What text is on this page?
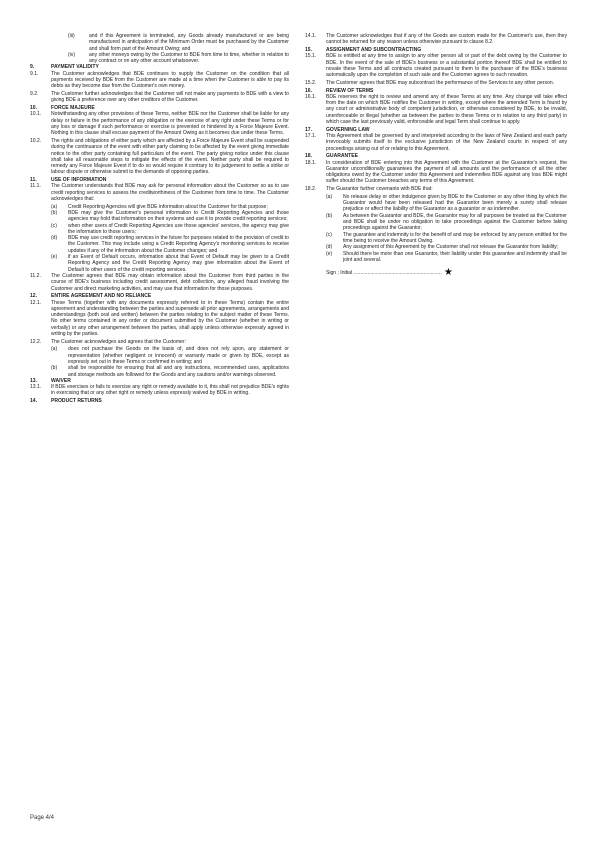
(iii)	and if this Agreement is terminated, any Goods already manufactured or are being manufactured in anticipation of the Minimum Order must be purchased by the Customer and shall form part of the Amount Owing; and
(iv)	any other moneys owing by the Customer to BDE from time to time, whether in relation to any contract or on any other account whatsoever.
9.	PAYMENT VALIDITY
9.1.	The Customer acknowledges that BDE continues to supply the Customer on the condition that all payments received by BDE from the Customer are made at a time when the Customer is able to pay its debts as they become due from the Customer's own money.
9.2.	The Customer further acknowledges that the Customer will not make any payments to BDE with a view to giving BDE a preference over any other creditors of the Customer.
10.	FORCE MAJEURE
10.1.	Notwithstanding any other provisions of these Terms, neither BDE nor the Customer shall be liable for any delay or failure in the performance of any obligation or the exercise of any right under these Terms or for any loss or damage if such performance or exercise is prevented or hindered by a Force Majeure Event. Nothing in this clause shall excuse payment of the Amount Owing as it becomes due under these Terms.
10.2.	The rights and obligations of either party which are affected by a Force Majeure Event shall be suspended during the continuance of the event with either party claiming to be affected by the event giving immediate notice to the other party containing full particulars of the event. The party giving notice under this clause shall take all reasonable steps to mitigate the effects of the event. Neither party shall be required to remedy any Force Majeure Event if to do so would require it contrary to its judgement to settle a strike or labour dispute or otherwise submit to the demands of opposing parties.
11.	USE OF INFORMATION
11.1.	The Customer understands that BDE may ask for personal information about the Customer so as to use credit reporting services to assess the creditworthiness of the Customer from time to time. The Customer acknowledges that:
(a)	Credit Reporting Agencies will give BDE information about the Customer for that purpose;
(b)	BDE may give the Customer's personal information to Credit Reporting Agencies and those agencies may hold that information on their systems and use it to provide credit reporting services;
(c)	when other users of Credit Reporting Agencies use those agencies' services, the agency may give the information to those users;
(d)	BDE may use credit reporting services in the future for purposes related to the provision of credit to the Customer. This may include using a Credit Reporting Agency's monitoring services to receive updates if any of the information about the Customer changes; and
(e)	if an Event of Default occurs, information about that Event of Default may be given to a Credit Reporting Agency and the Credit Reporting Agency may give information about the Event of Default to other users of the credit reporting services.
11.2.	The Customer agrees that BDE may obtain information about the Customer from third parties in the course of BDE's business including credit assessment, debt collection, any alleged fraud involving the Customer and direct marketing activities, and may use that information for those purposes.
12.	ENTIRE AGREEMENT AND NO RELIANCE
12.1.	These Terms (together with any documents expressly referred to in these Terms) contain the entire agreement and understanding between the parties and supersede all prior agreements, arrangements and understandings (both oral and written) between the parties relating to the subject matter of these Terms. No other terms contained in any order or document submitted by the Customer (whether in writing or verbally) or any other arrangement between the parties, shall apply unless otherwise expressly agreed in writing by the parties.
12.2.	The Customer acknowledges and agrees that the Customer:
(a)	does not purchase the Goods on the basis of, and does not rely upon, any statement or representation (whether negligent or innocent) or warranty made or given by BDE, except as expressly set out in these Terms or confirmed in writing; and
(b)	shall be responsible for ensuring that all and any instructions, recommended uses, applications and storage methods are followed for the Goods and any cautions and/or warnings observed.
13.	WAIVER
13.1.	If BDE exercises or fails to exercise any right or remedy available to it, this shall not prejudice BDE's rights in exercising that or any other right or remedy unless expressly waived by BDE in writing.
14.	PRODUCT RETURNS
14.1.	The Customer acknowledges that if any of the Goods are custom made for the Customer's use, then they cannot be returned for any reason unless otherwise pursuant to clause 8.2.
15.	ASSIGNMENT AND SUBCONTRACTING
15.1.	BDE is entitled at any time to assign to any other person all or part of the debt owing by the Customer to BDE. In the event of the sale of BDE's business or a substantial portion thereof BDE shall be entitled to novate these Terms and all contracts created pursuant to them to the purchaser of the BDE's business automatically upon the completion of such sale and the Customer agrees to such novation.
15.2.	The Customer agrees that BDE may subcontract the performance of the Services to any other person.
16.	REVIEW OF TERMS
16.1.	BDE reserves the right to review and amend any of these Terms at any time. Any change will take effect from the date on which BDE notifies the Customer in writing, except where the amended Term is found by any court or administrative body of competent jurisdiction, or otherwise considered by BDE, to be invalid, unenforceable or illegal (whether as between the parties to these Terms or in relation to any third party) in which case the last previously valid, enforceable and legal Term shall continue to apply.
17.	GOVERNING LAW
17.1.	This Agreement shall be governed by and interpreted according to the laws of New Zealand and each party irrevocably submits itself to the exclusive jurisdiction of the New Zealand courts in respect of any proceedings arising out of or relating to this Agreement.
18.	GUARANTEE
18.1.	In consideration of BDE entering into this Agreement with the Customer at the Guarantor's request, the Guarantor unconditionally guarantees the payment of all amounts and the performance of all the other obligations owed by the Customer under this Agreement and indemnifies BDE against any loss BDE might suffer should the Customer breaches any terms of this Agreement.
18.2.	The Guarantor further covenants with BDE that:
(a)	No release delay or other indulgence given by BDE to the Customer or any other thing by which the Guarantor would have been released had the Guarantor been merely a surety shall release prejudice or affect the liability of the Guarantor as a guarantor or as indemnifier.
(b)	As between the Guarantor and BDE, the Guarantor may for all purposes be treated as the Customer and BDE shall be under no obligation to take proceedings against the Customer before taking proceedings against the Guarantor.
(c)	The guarantee and indemnity is for the benefit of and may be enforced by any person entitled for the time being to receive the Amount Owing.
(d)	Any assignment of this Agreement by the Customer shall not release the Guarantor from liability;
(e)	Should there be more than one Guarantor, their liability under this guarantee and indemnity shall be joint and several.
Sign ; Initial ............................................................... ★
Page 4/4
